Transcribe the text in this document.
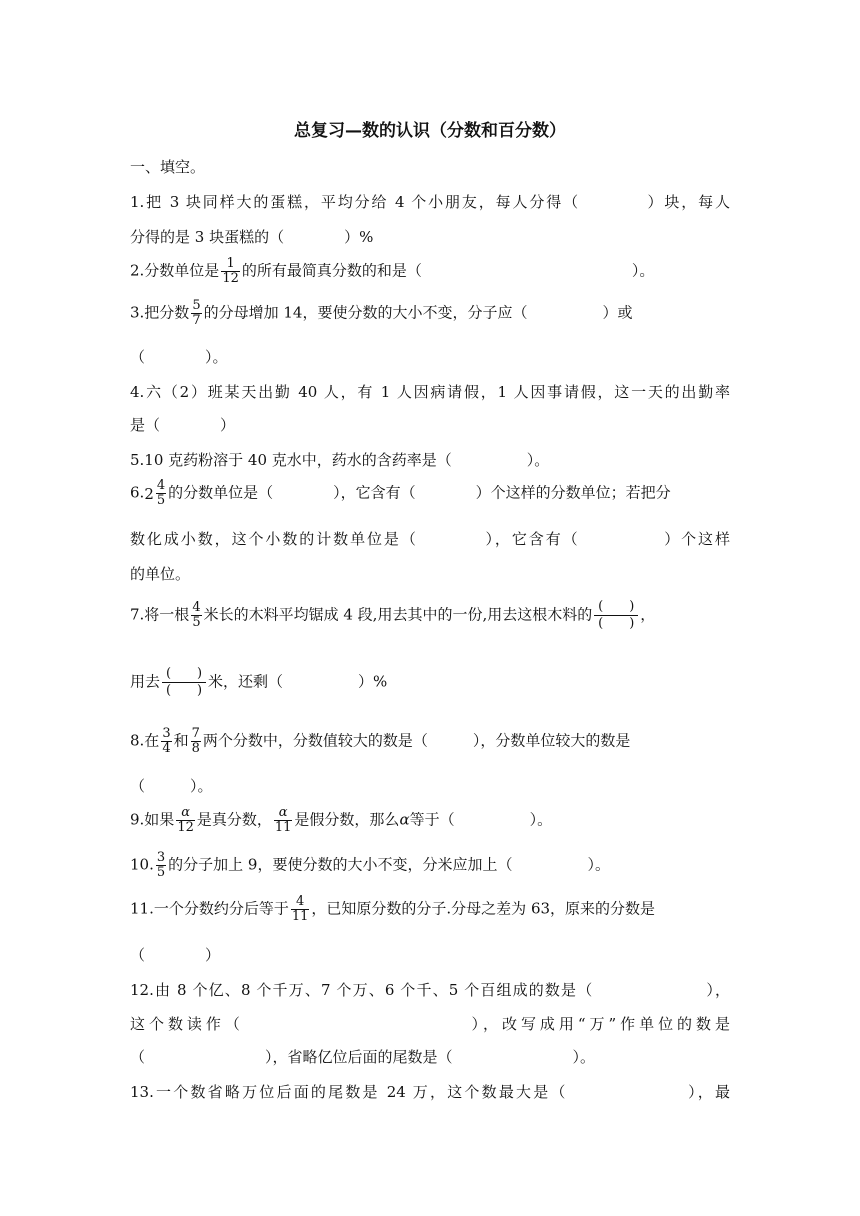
总复习—数的认识（分数和百分数）
一、填空。
1.把 3 块同样大的蛋糕，平均分给 4 个小朋友，每人分得（　　　　）块，每人
分得的是 3 块蛋糕的（　　　　）%
2.分数单位是 $\frac{1}{12}$ 的所有最简真分数的和是（　　　　　　　　　　　　　　）。
3.把分数 $\frac{5}{7}$ 的分母增加 14，要使分数的大小不变，分子应（　　　　　）或
（　　　　）。
4.六（2）班某天出勤 40 人，有 1 人因病请假，1 人因事请假，这一天的出勤率
是（　　　　）
5.10 克药粉溶于 40 克水中，药水的含药率是（　　　　　）。
$6.2 \frac{4}{5}$ 的分数单位是（　　　　），它含有（　　　　）个这样的分数单位；若把分
数化成小数，这个小数的计数单位是（　　　　），它含有（　　　　　）个这样
的单位。
7.将一根 $\frac{4}{5}$ 米长的木料平均锯成 4 段,用去其中的一份,用去这根木料的 (　　)
(　　) ，
用去 (　　)
(　　) 米，还剩（　　　　　）%
8.在 $\frac{3}{4}$ 和 $\frac{7}{8}$ 两个分数中，分数值较大的数是（　　　），分数单位较大的数是
（　　　）。
9.如果 $\frac{\alpha}{12}$ 是真分数， $\frac{\alpha}{11}$ 是假分数，那么α等于（　　　　　）。
10. $\frac{3}{5}$ 的分子加上 9，要使分数的大小不变，分米应加上（　　　　　）。
11.一个分数约分后等于 $\frac{4}{11}$ ，已知原分数的分子.分母之差为 63，原来的分数是
（　　　　）
12.由 8 个亿、8 个千万、7 个万、6 个千、5 个百组成的数是（　　　　　　　），
这个数读作（　　　　　　　　　　　　），改写成用“万”作单位的数是
（　　　　　　　　），省略亿位后面的尾数是（　　　　　　　　）。
13.一个数省略万位后面的尾数是 24 万，这个数最大是（　　　　　　　），最
